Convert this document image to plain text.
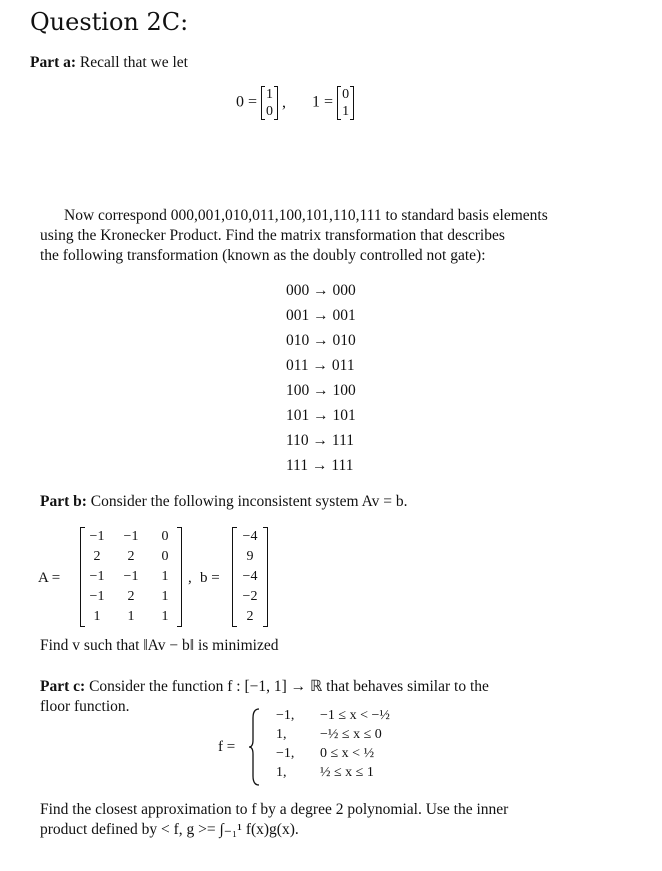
Question 2C:
Part a: Recall that we let
0 = 1
0
, 1 = 0
1
Now correspond 000,001,010,011,100,101,110,111 to standard basis elements
using the Kronecker Product. Find the matrix transformation that describes
the following transformation (known as the doubly controlled not gate):
000 → 000
001 → 001
010 → 010
011 → 011
100 → 100
101 → 101
110 → 111
111 → 111
Part b: Consider the following inconsistent system Av = b.
A =
−1	−1	0
2	2	0
−1	−1	1
−1	2	1
1	1	1
, b =
−4
9
−4
−2
2
Find v such that ‖Av − b‖ is minimized
Part c: Consider the function f : [−1, 1] → ℝ that behaves similar to the
floor function.
f =
−1,	−1 ≤ x < −½
1,	−½ ≤ x ≤ 0
−1,	0 ≤ x < ½
1,	½ ≤ x ≤ 1
Find the closest approximation to f by a degree 2 polynomial. Use the inner
product defined by < f, g >= ∫₋₁¹ f(x)g(x).
